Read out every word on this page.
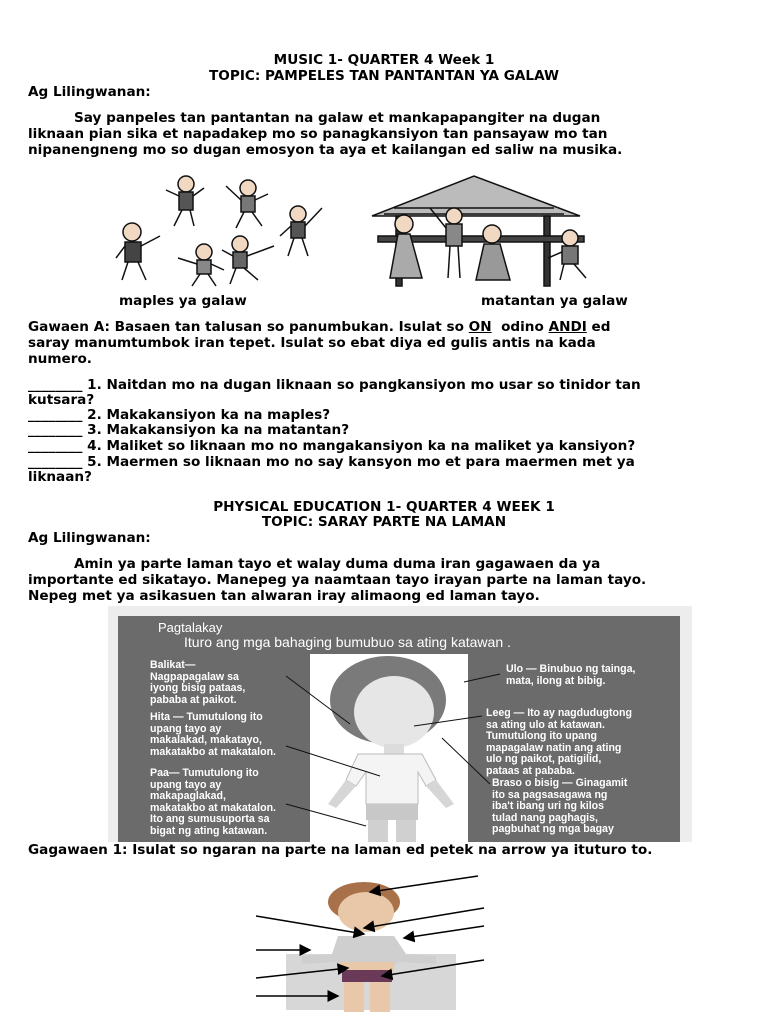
MUSIC 1- QUARTER 4 Week 1
TOPIC: PAMPELES TAN PANTANTAN YA GALAW
Ag Lilingwanan:
Say panpeles tan pantantan na galaw et mankapapangiter na dugan
liknaan pian sika et napadakep mo so panagkansiyon tan pansayaw mo tan
nipanengneng mo so dugan emosyon ta aya et kailangan ed saliw na musika.
maples ya galaw	matantan ya galaw
Gawaen A: Basaen tan talusan so panumbukan. Isulat so ON  odino ANDI ed
saray manumtumbok iran tepet. Isulat so ebat diya ed gulis antis na kada
numero.
________ 1. Naitdan mo na dugan liknaan so pangkansiyon mo usar so tinidor tan
kutsara?
________ 2. Makakansiyon ka na maples?
________ 3. Makakansiyon ka na matantan?
________ 4. Maliket so liknaan mo no mangakansiyon ka na maliket ya kansiyon?
________ 5. Maermen so liknaan mo no say kansyon mo et para maermen met ya
liknaan?
PHYSICAL EDUCATION 1- QUARTER 4 WEEK 1
TOPIC: SARAY PARTE NA LAMAN
Ag Lilingwanan:
Amin ya parte laman tayo et walay duma duma iran gagawaen da ya
importante ed sikatayo. Manepeg ya naamtaan tayo irayan parte na laman tayo.
Nepeg met ya asikasuen tan alwaran iray alimaong ed laman tayo.
Pagtalakay
Ituro ang mga bahaging bumubuo sa ating katawan .
Balikat—
Nagpapagalaw sa
iyong bisig pataas,
pababa at paikot.
Hita — Tumutulong ito
upang tayo ay
makalakad, makatayo,
makatakbo at makatalon.
Paa— Tumutulong ito
upang tayo ay
makapaglakad,
makatakbo at makatalon.
Ito ang sumusuporta sa
bigat ng ating katawan.
Ulo — Binubuo ng tainga,
mata, ilong at bibig.
Leeg — Ito ay nagdudugtong
sa ating ulo at katawan.
Tumutulong ito upang
mapagalaw natin ang ating
ulo ng paikot, patigilid,
pataas at pababa.
Braso o bisig — Ginagamit
ito sa pagsasagawa ng
iba't ibang uri ng kilos
tulad nang paghagis,
pagbuhat ng mga bagay
Gagawaen 1: Isulat so ngaran na parte na laman ed petek na arrow ya ituturo to.
